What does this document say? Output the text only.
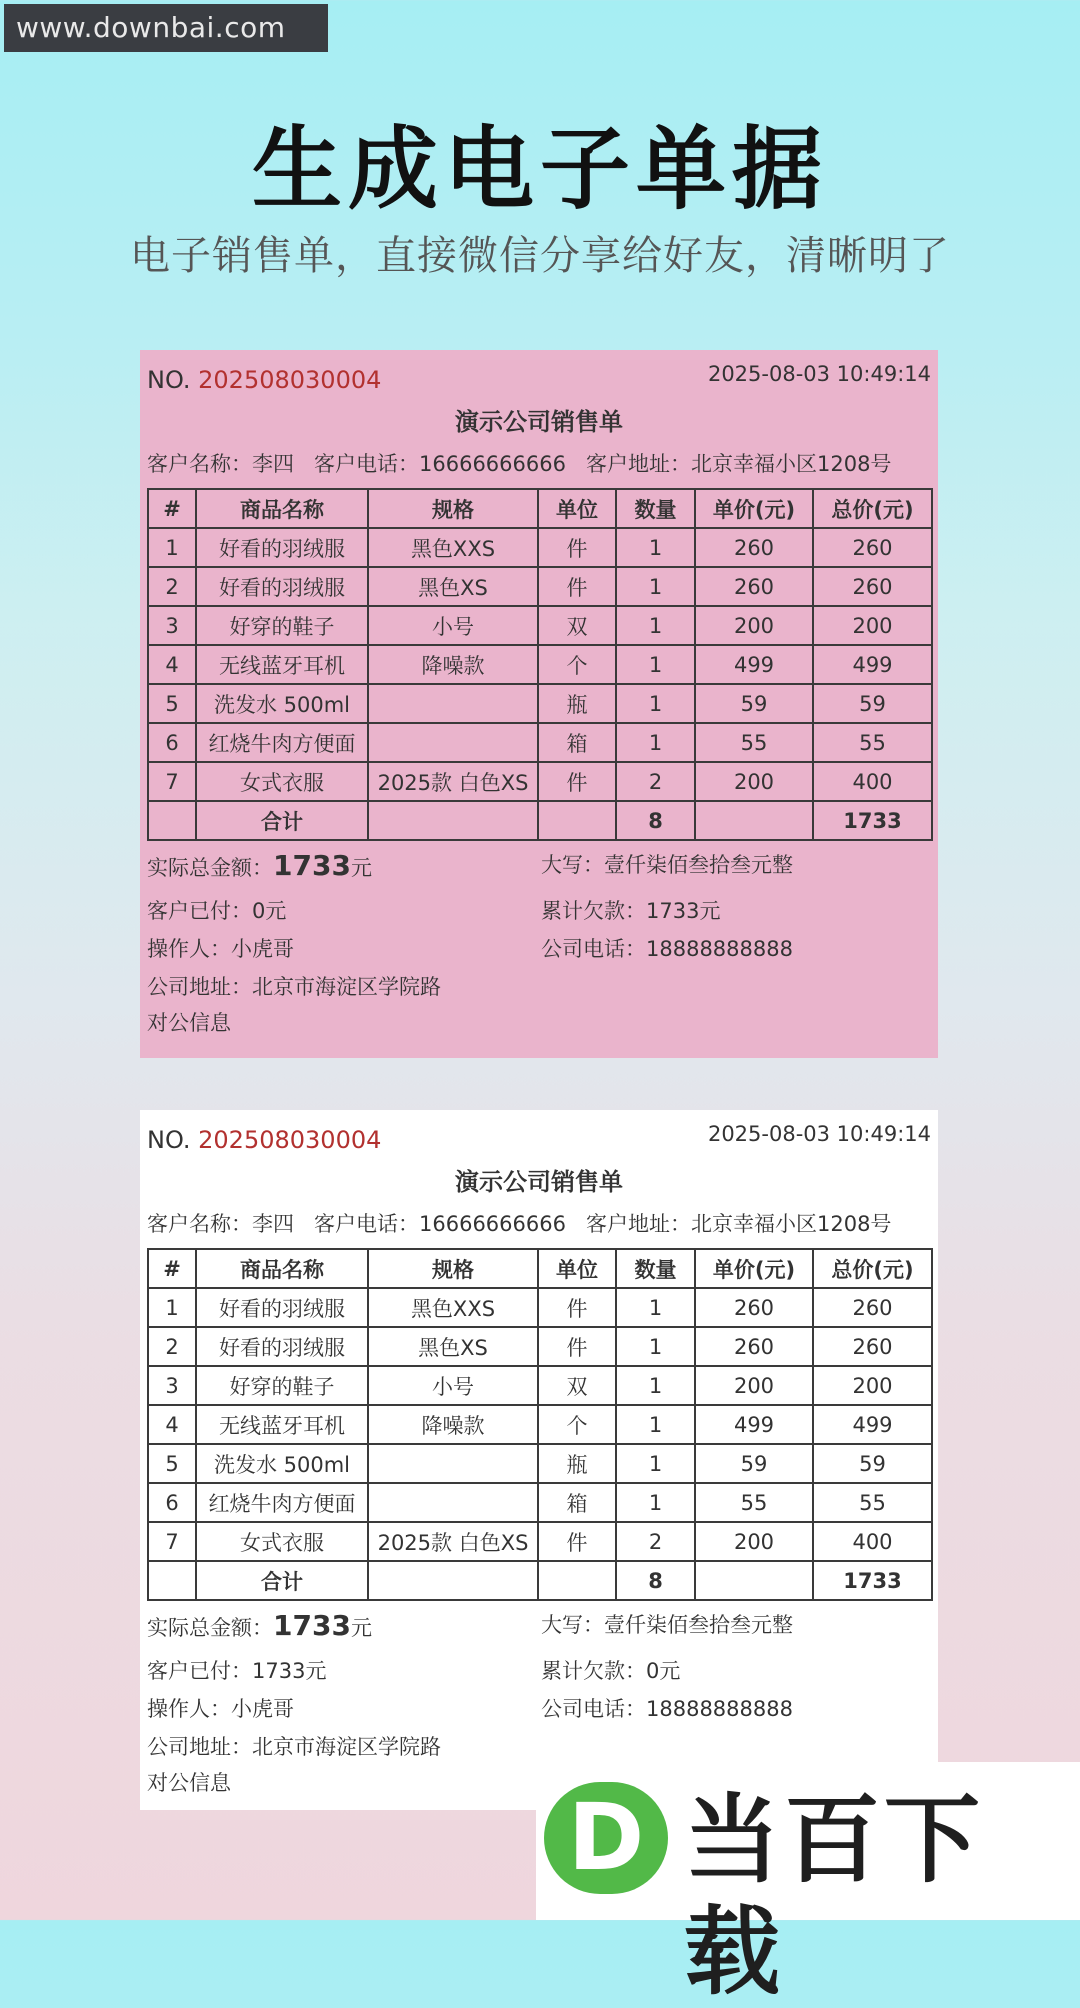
www.downbai.com
生成电子单据
电子销售单，直接微信分享给好友，清晰明了
NO. 202508030004	2025-08-03 10:49:14
演示公司销售单
客户名称：李四 客户电话：16666666666 客户地址：北京幸福小区1208号
#	商品名称	规格	单位	数量	单价(元)	总价(元)
1	好看的羽绒服	黑色XXS	件	1	260	260
2	好看的羽绒服	黑色XS	件	1	260	260
3	好穿的鞋子	小号	双	1	200	200
4	无线蓝牙耳机	降噪款	个	1	499	499
5	洗发水 500ml		瓶	1	59	59
6	红烧牛肉方便面		箱	1	55	55
7	女式衣服	2025款 白色XS	件	2	200	400
	合计			8		1733
实际总金额：1733元	大写：壹仟柒佰叁拾叁元整
客户已付：0元	累计欠款：1733元
操作人：小虎哥	公司电话：18888888888
公司地址：北京市海淀区学院路
对公信息
NO. 202508030004	2025-08-03 10:49:14
演示公司销售单
客户名称：李四 客户电话：16666666666 客户地址：北京幸福小区1208号
#	商品名称	规格	单位	数量	单价(元)	总价(元)
1	好看的羽绒服	黑色XXS	件	1	260	260
2	好看的羽绒服	黑色XS	件	1	260	260
3	好穿的鞋子	小号	双	1	200	200
4	无线蓝牙耳机	降噪款	个	1	499	499
5	洗发水 500ml		瓶	1	59	59
6	红烧牛肉方便面		箱	1	55	55
7	女式衣服	2025款 白色XS	件	2	200	400
	合计			8		1733
实际总金额：1733元	大写：壹仟柒佰叁拾叁元整
客户已付：1733元	累计欠款：0元
操作人：小虎哥	公司电话：18888888888
公司地址：北京市海淀区学院路
对公信息
D 当百下载
